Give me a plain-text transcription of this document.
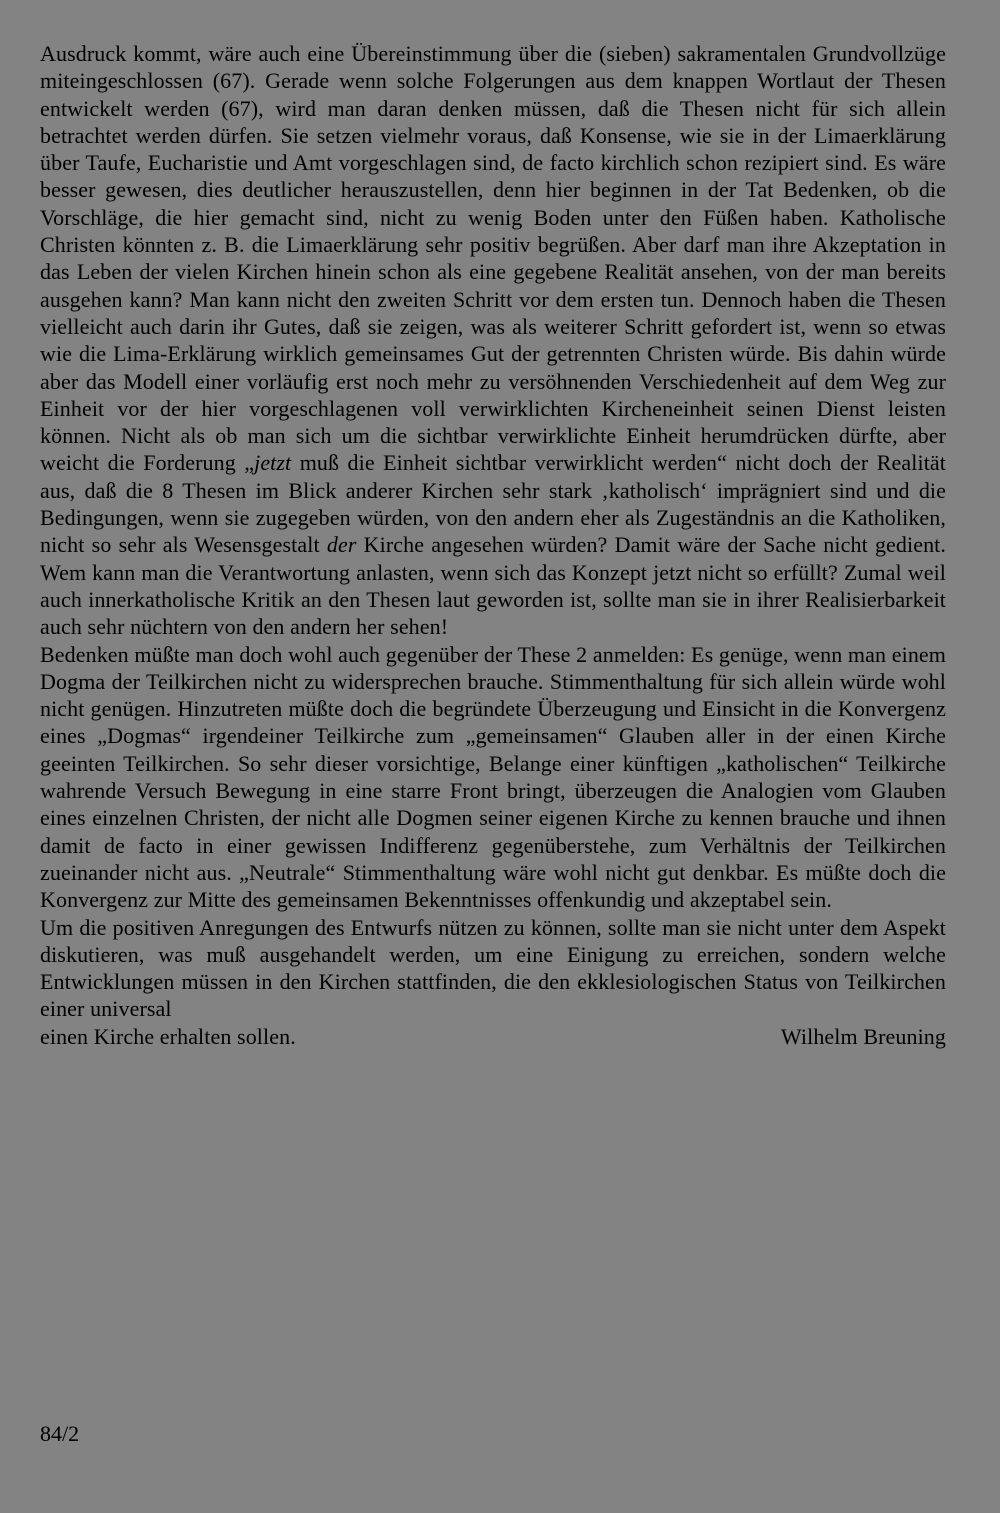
Ausdruck kommt, wäre auch eine Übereinstimmung über die (sieben) sakramentalen Grundvollzüge miteingeschlossen (67). Gerade wenn solche Folgerungen aus dem knappen Wortlaut der Thesen entwickelt werden (67), wird man daran denken müssen, daß die Thesen nicht für sich allein betrachtet werden dürfen. Sie setzen vielmehr voraus, daß Konsense, wie sie in der Limaerklärung über Taufe, Eucharistie und Amt vorgeschlagen sind, de facto kirchlich schon rezipiert sind. Es wäre besser gewesen, dies deutlicher herauszustellen, denn hier beginnen in der Tat Bedenken, ob die Vorschläge, die hier gemacht sind, nicht zu wenig Boden unter den Füßen haben. Katholische Christen könnten z. B. die Limaerklärung sehr positiv begrüßen. Aber darf man ihre Akzeptation in das Leben der vielen Kirchen hinein schon als eine gegebene Realität ansehen, von der man bereits ausgehen kann? Man kann nicht den zweiten Schritt vor dem ersten tun. Dennoch haben die Thesen vielleicht auch darin ihr Gutes, daß sie zeigen, was als weiterer Schritt gefordert ist, wenn so etwas wie die Lima-Erklärung wirklich gemeinsames Gut der getrennten Christen würde. Bis dahin würde aber das Modell einer vorläufig erst noch mehr zu versöhnenden Verschiedenheit auf dem Weg zur Einheit vor der hier vorgeschlagenen voll verwirklichten Kircheneinheit seinen Dienst leisten können. Nicht als ob man sich um die sichtbar verwirklichte Einheit herumdrücken dürfte, aber weicht die Forderung „jetzt muß die Einheit sichtbar verwirklicht werden“ nicht doch der Realität aus, daß die 8 Thesen im Blick anderer Kirchen sehr stark ‚katholisch‘ imprägniert sind und die Bedingungen, wenn sie zugegeben würden, von den andern eher als Zugeständnis an die Katholiken, nicht so sehr als Wesensgestalt der Kirche angesehen würden? Damit wäre der Sache nicht gedient. Wem kann man die Verantwortung anlasten, wenn sich das Konzept jetzt nicht so erfüllt? Zumal weil auch innerkatholische Kritik an den Thesen laut geworden ist, sollte man sie in ihrer Realisierbarkeit auch sehr nüchtern von den andern her sehen!

Bedenken müßte man doch wohl auch gegenüber der These 2 anmelden: Es genüge, wenn man einem Dogma der Teilkirchen nicht zu widersprechen brauche. Stimmenthaltung für sich allein würde wohl nicht genügen. Hinzutreten müßte doch die begründete Überzeugung und Einsicht in die Konvergenz eines „Dogmas“ irgendeiner Teilkirche zum „gemeinsamen“ Glauben aller in der einen Kirche geeinten Teilkirchen. So sehr dieser vorsichtige, Belange einer künftigen „katholischen“ Teilkirche wahrende Versuch Bewegung in eine starre Front bringt, überzeugen die Analogien vom Glauben eines einzelnen Christen, der nicht alle Dogmen seiner eigenen Kirche zu kennen brauche und ihnen damit de facto in einer gewissen Indifferenz gegenüberstehe, zum Verhältnis der Teilkirchen zueinander nicht aus. „Neutrale“ Stimmenthaltung wäre wohl nicht gut denkbar. Es müßte doch die Konvergenz zur Mitte des gemeinsamen Bekenntnisses offenkundig und akzeptabel sein.

Um die positiven Anregungen des Entwurfs nützen zu können, sollte man sie nicht unter dem Aspekt diskutieren, was muß ausgehandelt werden, um eine Einigung zu erreichen, sondern welche Entwicklungen müssen in den Kirchen stattfinden, die den ekklesiologischen Status von Teilkirchen einer universal
einen Kirche erhalten sollen.	Wilhelm Breuning
84/2
